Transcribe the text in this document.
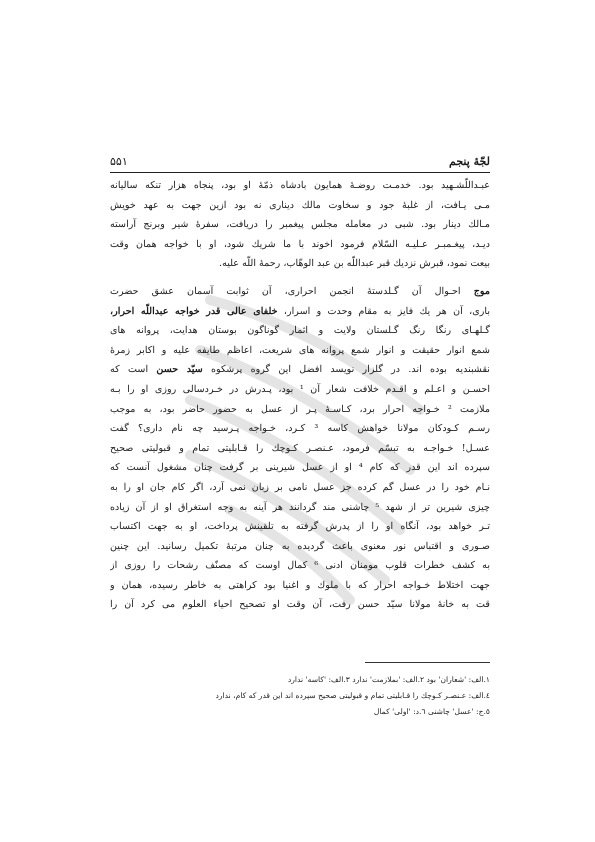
لجّهٔ پنجم
۵۵۱
عبـداللّشـهید بود. خدمـت روضـهٔ همایون بادشاه ذمّهٔ او بود، پنجاه هزار تنکه سالیانه
مـی یـافت، از غلبهٔ جود و سخاوت مالك دیناری نه بود ازین جهت به عهد خویش
مـالك دینار بود. شبی در معامله مجلس پیغمبر را دریافت، سفرهٔ شیر وبرنج آراسته
دیـد، پیغـمبـر عـلیـه السّلام فرمود اخوند با ما شریك شود، او با خواجه همان وقت
بیعت نمود، قبرش نزدیك قبر عبداللّه بن عبد الوهّاب، رحمهٔ اللّه علیه.
موج احـوال آن گـلدستهٔ انجمن احراری، آن ثوابت آسمان عشق حضرت
باری، آن هر یك فایز به مقام وحدت و اسرار، خلفای عالی قدر خواجه عبداللّه احرار،
گـلهـای رنگا رنگ گـلستان ولایت و اثمار گوناگون بوستان هدایت، پروانه های
شمع انوار حقیقت و انوار شمع پروانه های شریعت، اعاظم طایفه علیه و اکابر زمرهٔ
نقشبندیه بوده اند. در گلزار نویسد افضل این گروه پرشکوه سیّد حسن است که
احسـن و اعـلم و اقـدم خلافت شعار آن ¹ بود، پـدرش در خـردسالی روزی او را بـه
ملازمت ² خـواجه احرار برد، کـاسـهٔ پـر از عسل به حضور حاضر بود، به موجب
رسـم کـودکان مولانا خواهش کاسه ³ کـرد، خـواجه پـرسید چه نام داری؟ گفت
عسـل! خـواجـه به تبسّم فرمود، عـنصـر کـوچك را قـابلیتی تمام و قبولیتی صحیح
سپرده اند این قدر که کام ⁴ او از عسل شیرینی بر گرفت چنان مشغول آنست که
نـام خود را در عسل گم کرده جز عسل نامی بر زبان نمی آرد، اگر کام جان او را به
چیزی شیرین تر از شهد ⁵ چاشنی مند گردانند هر آینه به وجه استغراق او از آن زیاده
تـر خواهد بود، آنگاه او را از پدرش گرفته به تلقینش پرداخت، او به جهت اکتساب
صـوری و اقتباس نور معنوی باعث گردیده به چنان مرتبهٔ تکمیل رسانید. این چنین
به کشف خطرات قلوب مومنان ادنی ⁶ کمال اوست که مصنّف رشحات را روزی از
جهت اختلاط خـواجه احرار که با ملوك و اغنیا بود کراهتی به خاطر رسیده، همان و
قت به خانهٔ مولانا سیّد حسن رفت، آن وقت او تصحیح احیاء العلوم می کرد آن را
١.الف: 'شعاران' بود ٢.الف: 'بملازمت' ندارد ٣.الف: 'کاسه' ندارد
٤.الف: عـنصـر کـوچك را قـابلیتی تمام و قبولیتی صحیح سپرده اند این قدر که کام، ندارد
٥.ج: 'عسل' چاشنی ٦.د: 'اولی' کمال
